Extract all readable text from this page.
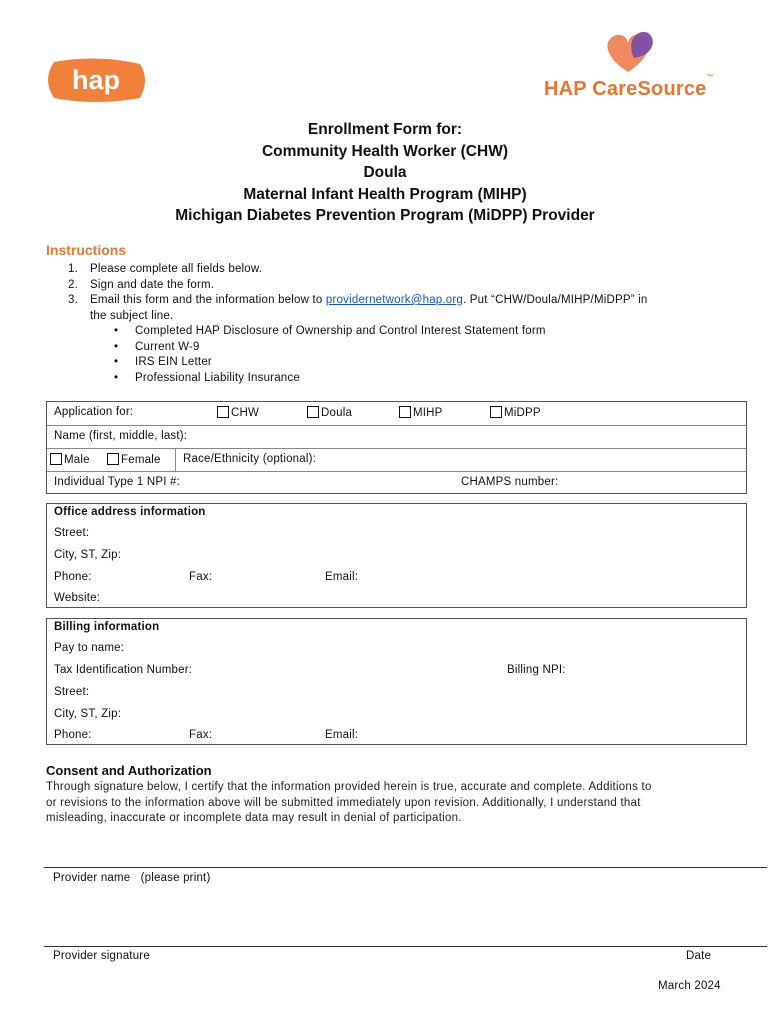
hap	HAP CareSource™
Enrollment Form for:
Community Health Worker (CHW)
Doula
Maternal Infant Health Program (MIHP)
Michigan Diabetes Prevention Program (MiDPP) Provider
Instructions
1. Please complete all fields below.
2. Sign and date the form.
3. Email this form and the information below to providernetwork@hap.org. Put “CHW/Doula/MIHP/MiDPP” in
the subject line.
• Completed HAP Disclosure of Ownership and Control Interest Statement form
• Current W-9
• IRS EIN Letter
• Professional Liability Insurance
Application for:	CHW	Doula	MIHP	MiDPP
Name (first, middle, last):
Male	Female Race/Ethnicity (optional):
Individual Type 1 NPI #:	CHAMPS number:
Office address information
Street:
City, ST, Zip:
Phone:	Fax:	Email:
Website:
Billing information
Pay to name:
Tax Identification Number:	Billing NPI:
Street:
City, ST, Zip:
Phone:	Fax:	Email:
Consent and Authorization
Through signature below, I certify that the information provided herein is true, accurate and complete. Additions to
or revisions to the information above will be submitted immediately upon revision. Additionally, I understand that
misleading, inaccurate or incomplete data may result in denial of participation.
Provider name   (please print)
Provider signature	Date
March 2024
